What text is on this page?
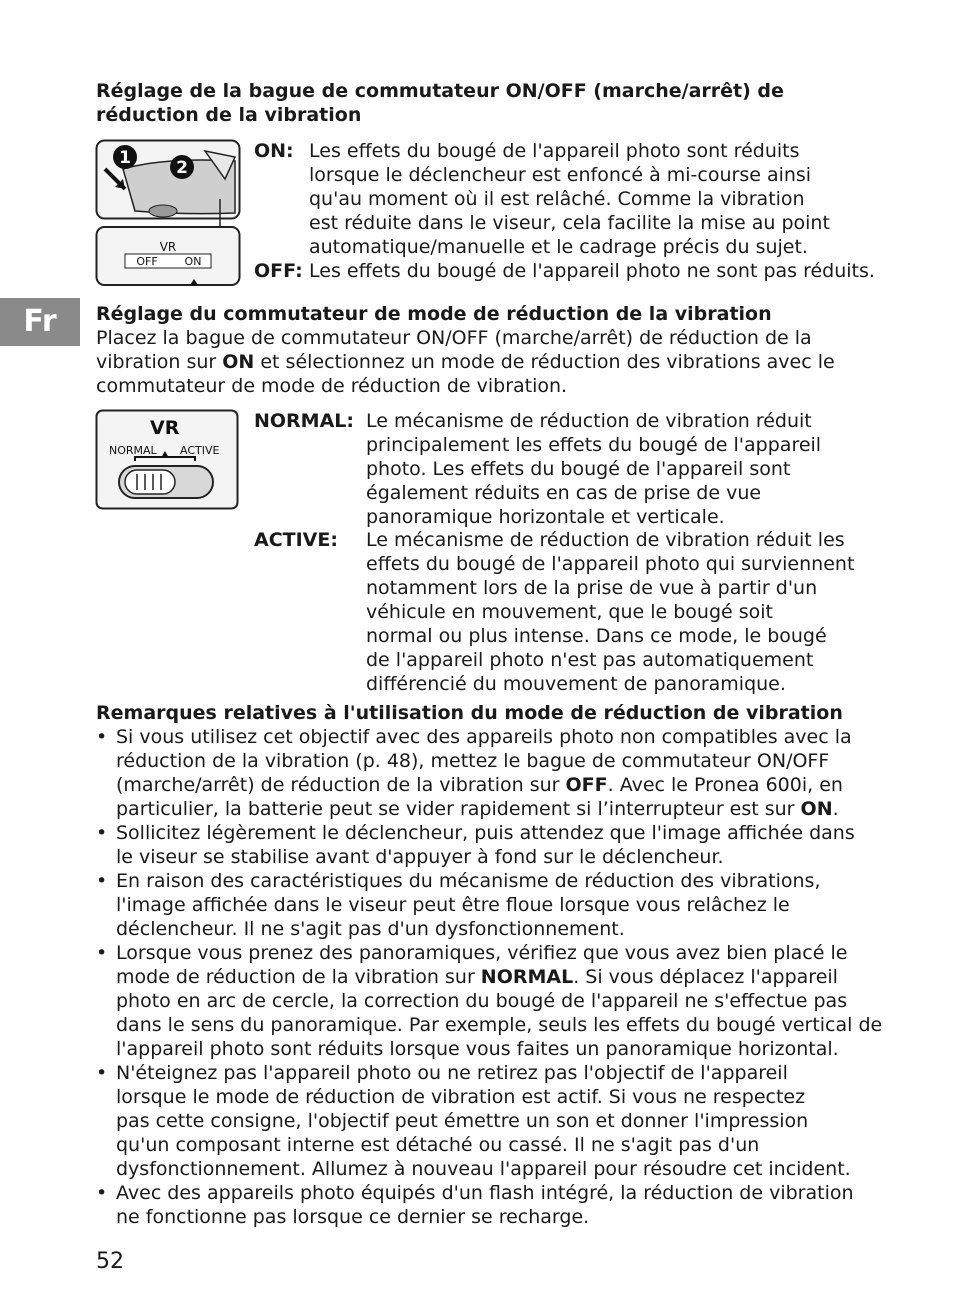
Réglage de la bague de commutateur ON/OFF (marche/arrêt) de
réduction de la vibration
1	2
VR
OFF ON
ON: Les effets du bougé de l'appareil photo sont réduits
lorsque le déclencheur est enfoncé à mi-course ainsi
qu'au moment où il est relâché. Comme la vibration
est réduite dans le viseur, cela facilite la mise au point
automatique/manuelle et le cadrage précis du sujet.
OFF: Les effets du bougé de l'appareil photo ne sont pas réduits.
Fr	Réglage du commutateur de mode de réduction de la vibration
Placez la bague de commutateur ON/OFF (marche/arrêt) de réduction de la
vibration sur ON et sélectionnez un mode de réduction des vibrations avec le
commutateur de mode de réduction de vibration.
VR
NORMAL ACTIVE
NORMAL: Le mécanisme de réduction de vibration réduit
principalement les effets du bougé de l'appareil
photo. Les effets du bougé de l'appareil sont
également réduits en cas de prise de vue
panoramique horizontale et verticale.
ACTIVE: Le mécanisme de réduction de vibration réduit les
effets du bougé de l'appareil photo qui surviennent
notamment lors de la prise de vue à partir d'un
véhicule en mouvement, que le bougé soit
normal ou plus intense. Dans ce mode, le bougé
de l'appareil photo n'est pas automatiquement
différencié du mouvement de panoramique.
Remarques relatives à l'utilisation du mode de réduction de vibration
• Si vous utilisez cet objectif avec des appareils photo non compatibles avec la
réduction de la vibration (p. 48), mettez le bague de commutateur ON/OFF
(marche/arrêt) de réduction de la vibration sur OFF. Avec le Pronea 600i, en
particulier, la batterie peut se vider rapidement si l’interrupteur est sur ON.
• Sollicitez légèrement le déclencheur, puis attendez que l'image affichée dans
le viseur se stabilise avant d'appuyer à fond sur le déclencheur.
• En raison des caractéristiques du mécanisme de réduction des vibrations,
l'image affichée dans le viseur peut être floue lorsque vous relâchez le
déclencheur. Il ne s'agit pas d'un dysfonctionnement.
• Lorsque vous prenez des panoramiques, vérifiez que vous avez bien placé le
mode de réduction de la vibration sur NORMAL. Si vous déplacez l'appareil
photo en arc de cercle, la correction du bougé de l'appareil ne s'effectue pas
dans le sens du panoramique. Par exemple, seuls les effets du bougé vertical de
l'appareil photo sont réduits lorsque vous faites un panoramique horizontal.
• N'éteignez pas l'appareil photo ou ne retirez pas l'objectif de l'appareil
lorsque le mode de réduction de vibration est actif. Si vous ne respectez
pas cette consigne, l'objectif peut émettre un son et donner l'impression
qu'un composant interne est détaché ou cassé. Il ne s'agit pas d'un
dysfonctionnement. Allumez à nouveau l'appareil pour résoudre cet incident.
• Avec des appareils photo équipés d'un flash intégré, la réduction de vibration
ne fonctionne pas lorsque ce dernier se recharge.
52
